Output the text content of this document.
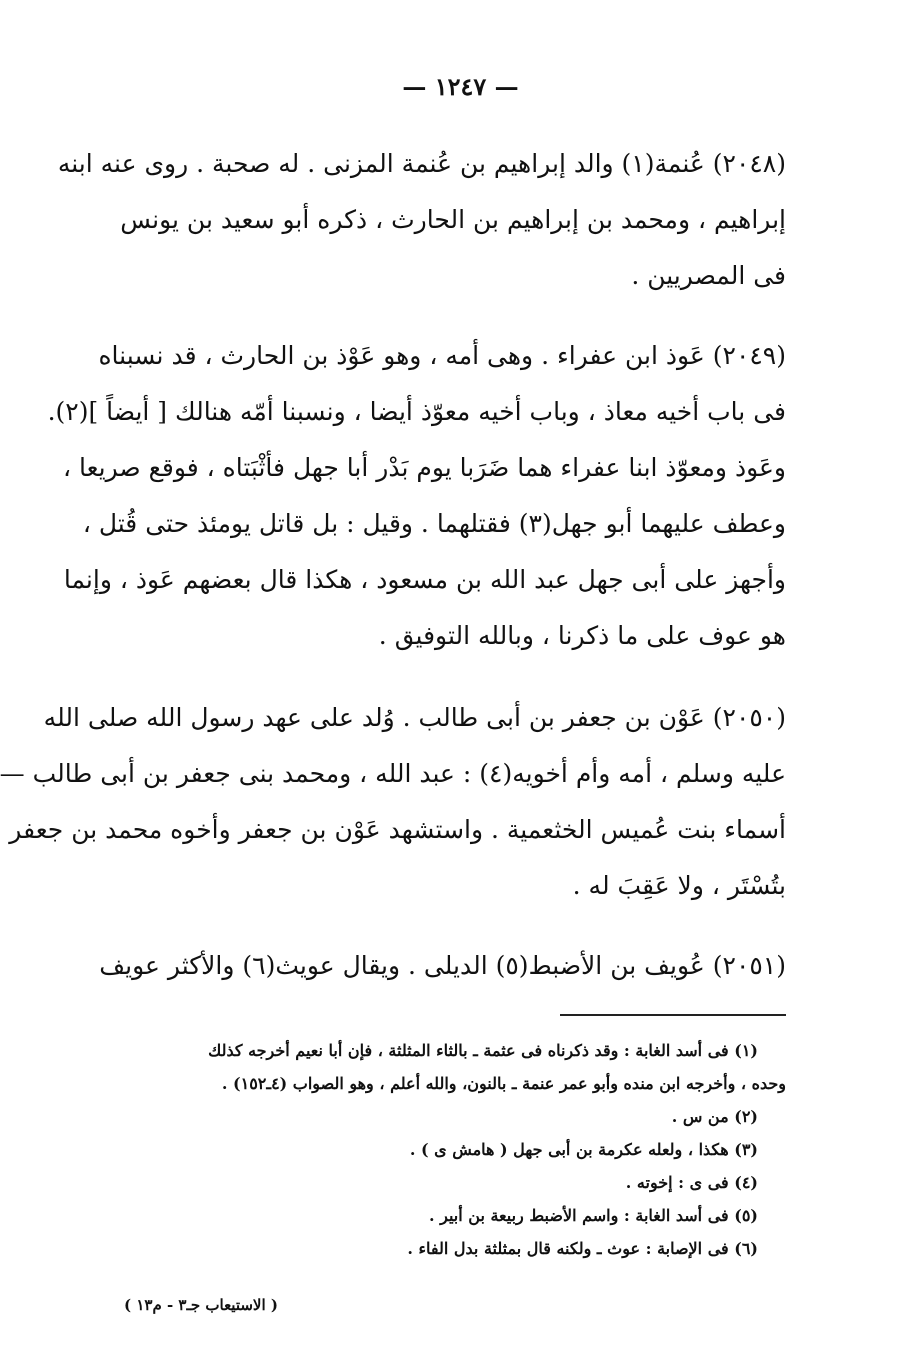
— ١٢٤٧ —
(٢٠٤٨) عُنمة(١) والد إبراهيم بن عُنمة المزنى . له صحبة . روى عنه ابنه
إبراهيم ، ومحمد بن إبراهيم بن الحارث ، ذكره أبو سعيد بن يونس
فى المصريين .
(٢٠٤٩) عَوذ ابن عفراء . وهى أمه ، وهو عَوْذ بن الحارث ، قد نسبناه
فى باب أخيه معاذ ، وباب أخيه معوّذ أيضا ، ونسبنا أمّه هنالك [ أيضاً ](٢).
وعَوذ ومعوّذ ابنا عفراء هما ضَرَبا يوم بَدْر أبا جهل فأثْبَتاه ، فوقع صريعا ،
وعطف عليهما أبو جهل(٣) فقتلهما . وقيل : بل قاتل يومئذ حتى قُتل ،
وأجهز على أبى جهل عبد الله بن مسعود ، هكذا قال بعضهم عَوذ ، وإنما
هو عوف على ما ذكرنا ، وبالله التوفيق .
(٢٠٥٠) عَوْن بن جعفر بن أبى طالب . وُلد على عهد رسول الله صلى الله
عليه وسلم ، أمه وأم أخويه(٤) : عبد الله ، ومحمد بنى جعفر بن أبى طالب —
أسماء بنت عُميس الخثعمية . واستشهد عَوْن بن جعفر وأخوه محمد بن جعفر
بتُسْتَر ، ولا عَقِبَ له .
(٢٠٥١) عُويف بن الأضبط(٥) الديلى . ويقال عويث(٦) والأكثر عويف
(١) فى أسد الغابة : وقد ذكرناه فى عثمة ـ بالثاء المثلثة ، فإن أبا نعيم أخرجه كذلك
وحده ، وأخرجه ابن منده وأبو عمر عنمة ـ بالنون، والله أعلم ، وهو الصواب (٤ـ١٥٢) .
(٢) من س .
(٣) هكذا ، ولعله عكرمة بن أبى جهل ( هامش ى ) .
(٤) فى ى : إخوته .
(٥) فى أسد الغابة : واسم الأضبط ربيعة بن أبير .
(٦) فى الإصابة : عوث ـ ولكنه قال بمثلثة بدل الفاء .
( الاستيعاب جـ٣ - م١٣ )
